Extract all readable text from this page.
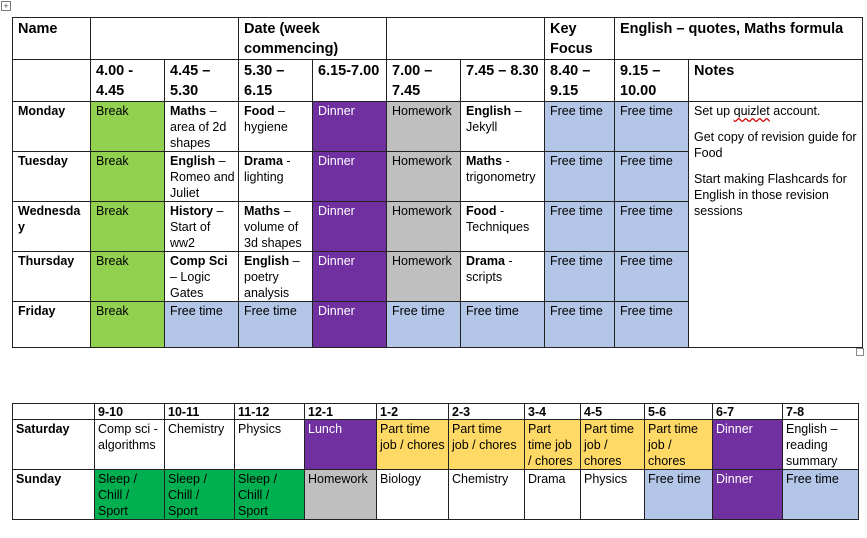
+
Name			Date (week commencing)				Key Focus	English – quotes, Maths formula	
	4.00 - 4.45	4.45 – 5.30	5.30 – 6.15	6.15-7.00	7.00 – 7.45	7.45 – 8.30	8.40 – 9.15	9.15 – 10.00	Notes
Monday	Break	Maths – area of 2d shapes	Food – hygiene	Dinner	Homework	English – Jekyll	Free time	Free time	Set up quizlet account.

Get copy of revision guide for Food

Start making Flashcards for English in those revision sessions

Tuesday	Break	English – Romeo and Juliet	Drama - lighting	Dinner	Homework	Maths - trigonometry	Free time	Free time	
Wednesday	Break	History – Start of ww2	Maths – volume of 3d shapes	Dinner	Homework	Food - Techniques	Free time	Free time	
Thursday	Break	Comp Sci – Logic Gates	English – poetry analysis	Dinner	Homework	Drama - scripts	Free time	Free time	
Friday	Break	Free time	Free time	Dinner	Free time	Free time	Free time	Free time	
	9-10	10-11	11-12	12-1	1-2	2-3	3-4	4-5	5-6	6-7	7-8
Saturday	Comp sci - algorithms	Chemistry	Physics	Lunch	Part time job / chores	Part time job / chores	Part time job / chores	Part time job / chores	Part time job / chores	Dinner	English – reading summary
Sunday	Sleep / Chill / Sport	Sleep / Chill / Sport	Sleep / Chill / Sport	Homework	Biology	Chemistry	Drama	Physics	Free time	Dinner	Free time
